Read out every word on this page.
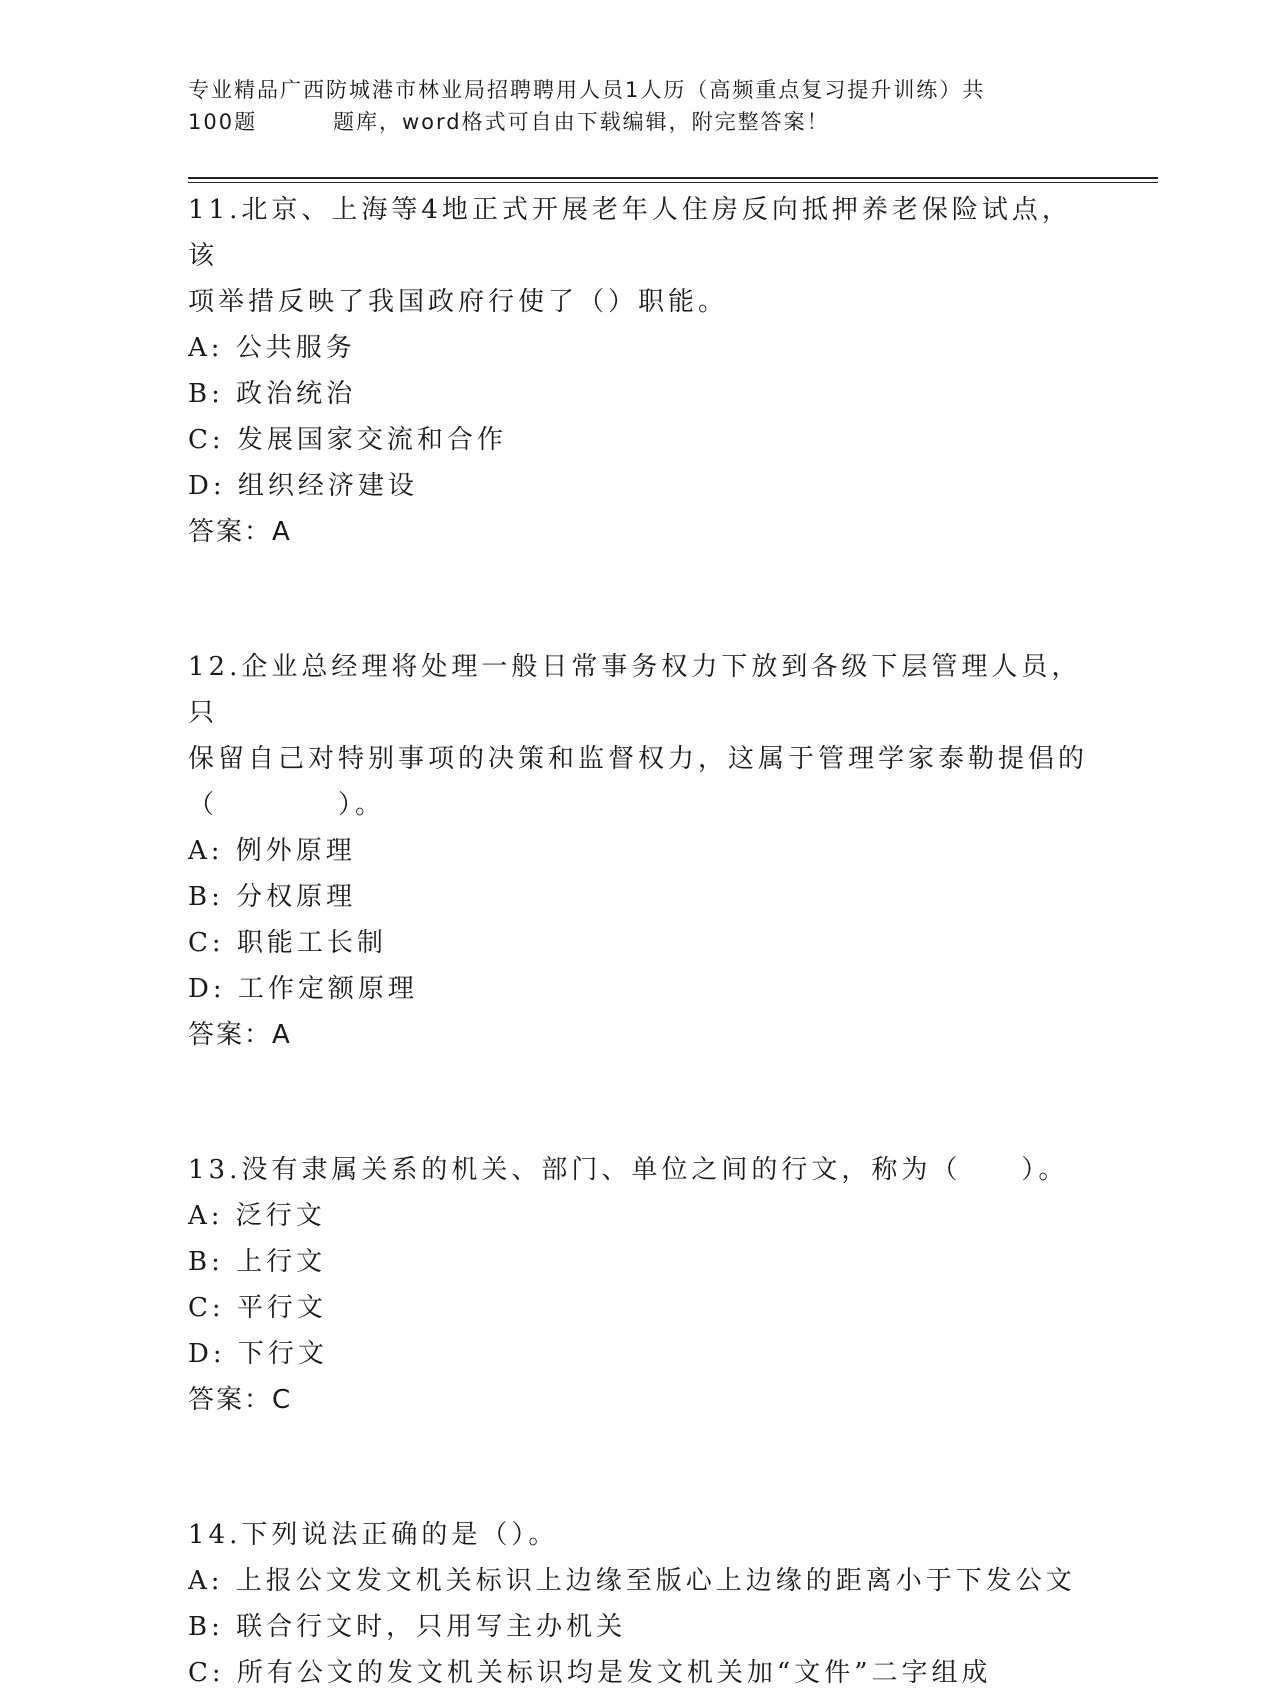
专业精品广西防城港市林业局招聘聘用人员1人历（高频重点复习提升训练）共
100题	题库，word格式可自由下载编辑，附完整答案！

11.北京、上海等4地正式开展老年人住房反向抵押养老保险试点，该

项举措反映了我国政府行使了（）职能。

A: 公共服务

B: 政治统治

C: 发展国家交流和合作

D: 组织经济建设

答案：A

12.企业总经理将处理一般日常事务权力下放到各级下层管理人员，只

保留自己对特别事项的决策和监督权力，这属于管理学家泰勒提倡的

（　　　　）。

A: 例外原理

B: 分权原理

C: 职能工长制

D: 工作定额原理

答案：A

13.没有隶属关系的机关、部门、单位之间的行文，称为（　　）。

A: 泛行文

B: 上行文

C: 平行文

D: 下行文

答案：C

14.下列说法正确的是（）。

A: 上报公文发文机关标识上边缘至版心上边缘的距离小于下发公文

B: 联合行文时，只用写主办机关

C: 所有公文的发文机关标识均是发文机关加“文件”二字组成
